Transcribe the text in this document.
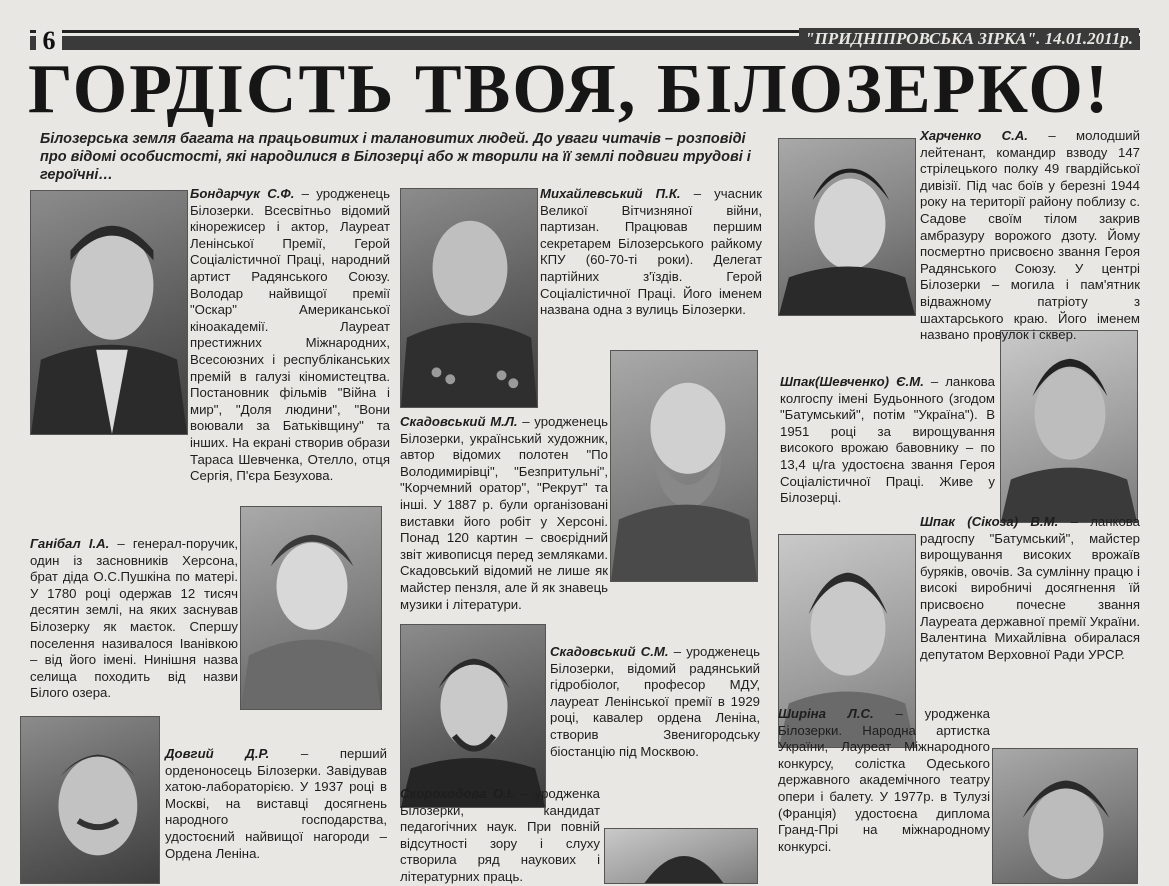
6	"ПРИДНІПРОВСЬКА ЗІРКА". 14.01.2011р.
ГОРДІСТЬ ТВОЯ, БІЛОЗЕРКО!
Білозерська земля багата на працьовитих і талановитих людей. До уваги читачів – розповіді про відомі особистості, які народилися в Білозерці або ж творили на її землі подвиги трудові і героїчні…
Бондарчук С.Ф. – уродженець Білозерки. Всесвітньо відомий кінорежисер і актор, Лауреат Ленінської Премії, Герой Соціалістичної Праці, народний артист Радянського Союзу. Володар найвищої премії "Оскар" Американської кіноакадемії. Лауреат престижних Міжнародних, Всесоюзних і республіканських премій в галузі кіномистецтва. Постановник фільмів "Війна і мир", "Доля людини", "Вони воювали за Батьківщину" та інших. На екрані створив образи Тараса Шевченка, Отелло, отця Сергія, П'єра Безухова.
Ганібал І.А. – генерал-поручик, один із засновників Херсона, брат діда О.С.Пушкіна по матері. У 1780 році одержав 12 тисяч десятин землі, на яких заснував Білозерку як маєток. Спершу поселення називалося Іванівкою – від його імені. Нинішня назва селища походить від назви Білого озера.
Довгий Д.Р. – перший орденоносець Білозерки. Завідував хатою-лабораторією. У 1937 році в Москві, на виставці досягнень народного господарства, удостоєний найвищої нагороди – Ордена Леніна.
Михайлевський П.К. – учасник Великої Вітчизняної війни, партизан. Працював першим секретарем Білозерського райкому КПУ (60-70-ті роки). Делегат партійних з'їздів. Герой Соціалістичної Праці. Його іменем названа одна з вулиць Білозерки.
Скадовський М.Л. – уродженець Білозерки, український художник, автор відомих полотен "По Володимирівці", "Безпритульні", "Корчемний оратор", "Рекрут" та інші. У 1887 р. були організовані виставки його робіт у Херсоні. Понад 120 картин – своєрідний звіт живописця перед земляками. Скадовський відомий не лише як майстер пензля, але й як знавець музики і літератури.
Скадовський С.М. – уродженець Білозерки, відомий радянський гідробіолог, професор МДУ, лауреат Ленінської премії в 1929 році, кавалер ордена Леніна, створив Звенигородську біостанцію під Москвою.
Скороходова О.І. – уродженка Білозерки, кандидат педагогічних наук. При повній відсутності зору і слуху створила ряд наукових і літературних праць.
Харченко С.А. – молодший лейтенант, командир взводу 147 стрілецького полку 49 гвардійської дивізії. Під час боїв у березні 1944 року на території району поблизу с. Садове своїм тілом закрив амбразуру ворожого дзоту. Йому посмертно присвоєно звання Героя Радянського Союзу. У центрі Білозерки – могила і пам'ятник відважному патріоту з шахтарського краю. Його іменем названо провулок і сквер.
Шпак(Шевченко) Є.М. – ланкова колгоспу імені Будьонного (згодом "Батумський", потім "Україна"). В 1951 році за вирощування високого врожаю бавовнику – по 13,4 ц/га удостоєна звання Героя Соціалістичної Праці. Живе у Білозерці.
Шпак (Сікоза) В.М. – ланкова радгоспу "Батумський", майстер вирощування високих врожаїв буряків, овочів. За сумлінну працю і високі виробничі досягнення їй присвоєно почесне звання Лауреата державної премії України. Валентина Михайлівна обиралася депутатом Верховної Ради УРСР.
Ширіна Л.С. – уродженка Білозерки. Народна артистка України, Лауреат Міжнародного конкурсу, солістка Одеського державного академічного театру опери і балету. У 1977р. в Тулузі (Франція) удостоєна диплома Гранд-Прі на міжнародному конкурсі.
